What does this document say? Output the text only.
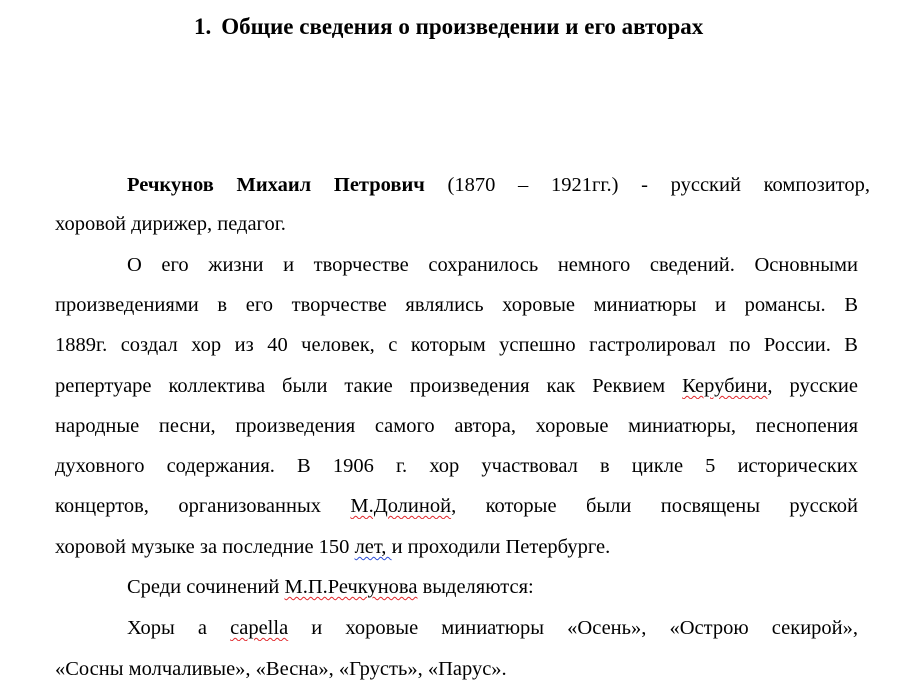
1. Общие сведения о произведении и его авторах
Речкунов Михаил Петрович (1870 – 1921гг.) - русский композитор,
хоровой дирижер, педагог.
О его жизни и творчестве сохранилось немного сведений. Основными
произведениями в его творчестве являлись хоровые миниатюры и романсы. В
1889г. создал хор из 40 человек, с которым успешно гастролировал по России. В
репертуаре коллектива были такие произведения как Реквием Керубини, русские
народные песни, произведения самого автора, хоровые миниатюры, песнопения
духовного содержания. В 1906 г. хор участвовал в цикле 5 исторических
концертов, организованных М.Долиной, которые были посвящены русской
хоровой музыке за последние 150 лет, и проходили Петербурге.
Среди сочинений М.П.Речкунова выделяются:
Хоры а capella и хоровые миниатюры «Осень», «Острою секирой»,
«Сосны молчаливые», «Весна», «Грусть», «Парус».
